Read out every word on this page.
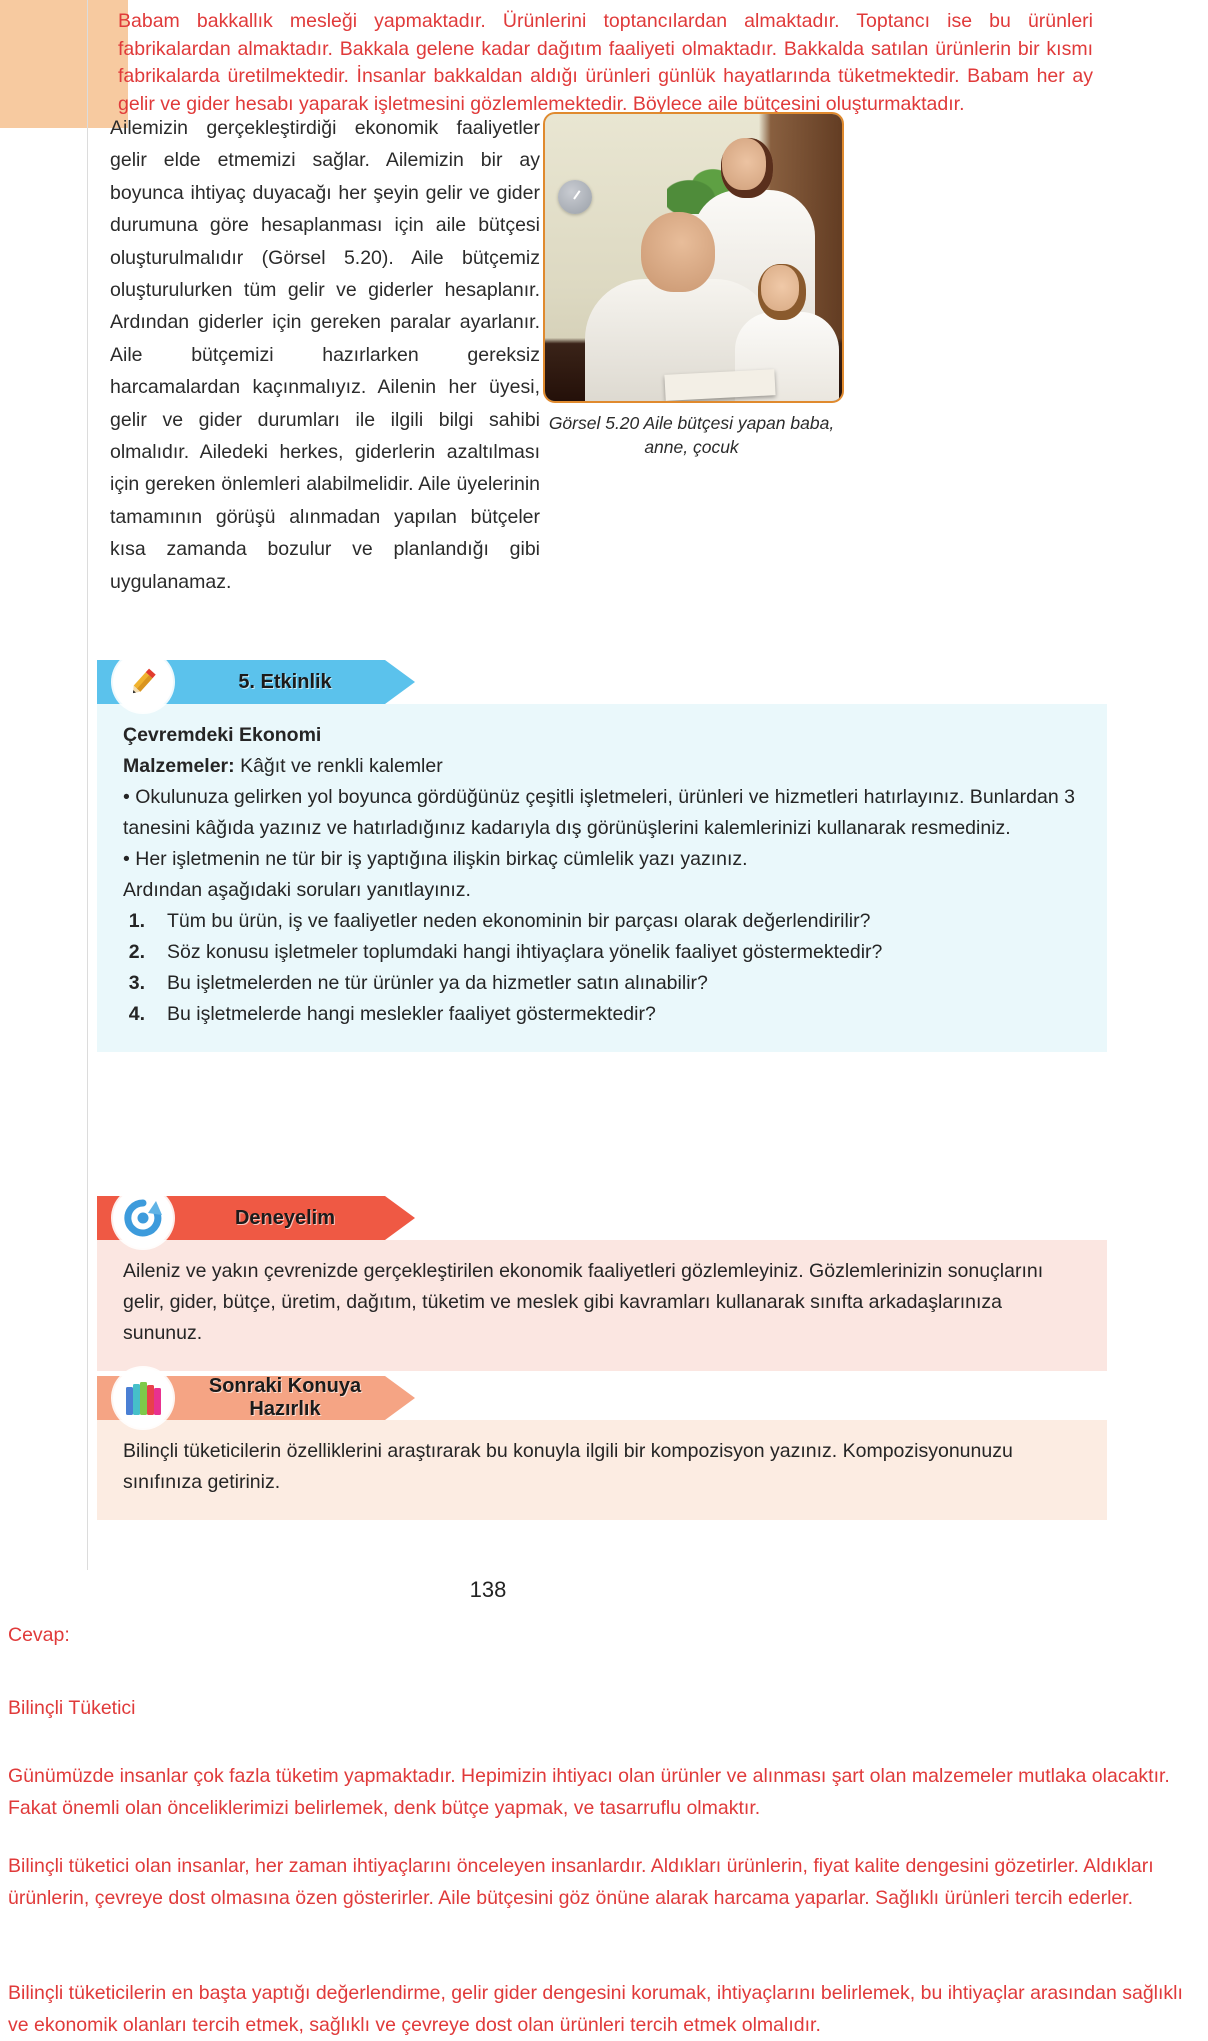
Babam bakkallık mesleği yapmaktadır. Ürünlerini toptancılardan almaktadır. Toptancı ise bu ürünleri fabrikalardan almaktadır. Bakkala gelene kadar dağıtım faaliyeti olmaktadır. Bakkalda satılan ürünlerin bir kısmı fabrikalarda üretilmektedir. İnsanlar bakkaldan aldığı ürünleri günlük hayatlarında tüketmektedir. Babam her ay gelir ve gider hesabı yaparak işletmesini gözlemlemektedir. Böylece aile bütçesini oluşturmaktadır.
Ailemizin gerçekleştirdiği ekonomik faaliyetler gelir elde etmemizi sağlar. Ailemizin bir ay boyunca ihtiyaç duyacağı her şeyin gelir ve gider durumuna göre hesaplanması için aile bütçesi oluşturulmalıdır (Görsel 5.20). Aile bütçemiz oluşturulurken tüm gelir ve giderler hesaplanır. Ardından giderler için gereken paralar ayarlanır. Aile bütçemizi hazırlarken gereksiz harcamalardan kaçınmalıyız. Ailenin her üyesi, gelir ve gider durumları ile ilgili bilgi sahibi olmalıdır. Ailedeki herkes, giderlerin azaltılması için gereken önlemleri alabilmelidir. Aile üyelerinin tamamının görüşü alınmadan yapılan bütçeler kısa zamanda bozulur ve planlandığı gibi uygulanamaz.
Görsel 5.20 Aile bütçesi yapan baba, anne, çocuk
5. Etkinlik

Çevremdeki Ekonomi

Malzemeler: Kâğıt ve renkli kalemler

• Okulunuza gelirken yol boyunca gördüğünüz çeşitli işletmeleri, ürünleri ve hizmetleri hatırlayınız. Bunlardan 3 tanesini kâğıda yazınız ve hatırladığınız kadarıyla dış görünüşlerini kalemlerinizi kullanarak resmediniz.

• Her işletmenin ne tür bir iş yaptığına ilişkin birkaç cümlelik yazı yazınız.

Ardından aşağıdaki soruları yanıtlayınız.

1. Tüm bu ürün, iş ve faaliyetler neden ekonominin bir parçası olarak değerlendirilir?
2. Söz konusu işletmeler toplumdaki hangi ihtiyaçlara yönelik faaliyet göstermektedir?
3. Bu işletmelerden ne tür ürünler ya da hizmetler satın alınabilir?
4. Bu işletmelerde hangi meslekler faaliyet göstermektedir?
Deneyelim

Aileniz ve yakın çevrenizde gerçekleştirilen ekonomik faaliyetleri gözlemleyiniz. Gözlemlerinizin sonuçlarını gelir, gider, bütçe, üretim, dağıtım, tüketim ve meslek gibi kavramları kullanarak sınıfta arkadaşlarınıza sununuz.

Sonraki Konuya Hazırlık

Bilinçli tüketicilerin özelliklerini araştırarak bu konuyla ilgili bir kompozisyon yazınız. Kompozisyonunuzu sınıfınıza getiriniz.

138
Cevap:
Bilinçli Tüketici
Günümüzde insanlar çok fazla tüketim yapmaktadır. Hepimizin ihtiyacı olan ürünler ve alınması şart olan malzemeler mutlaka olacaktır. Fakat önemli olan önceliklerimizi belirlemek, denk bütçe yapmak, ve tasarruflu olmaktır.
Bilinçli tüketici olan insanlar, her zaman ihtiyaçlarını önceleyen insanlardır. Aldıkları ürünlerin, fiyat kalite dengesini gözetirler. Aldıkları ürünlerin, çevreye dost olmasına özen gösterirler. Aile bütçesini göz önüne alarak harcama yaparlar. Sağlıklı ürünleri tercih ederler.
Bilinçli tüketicilerin en başta yaptığı değerlendirme, gelir gider dengesini korumak, ihtiyaçlarını belirlemek, bu ihtiyaçlar arasından sağlıklı ve ekonomik olanları tercih etmek, sağlıklı ve çevreye dost olan ürünleri tercih etmek olmalıdır.
